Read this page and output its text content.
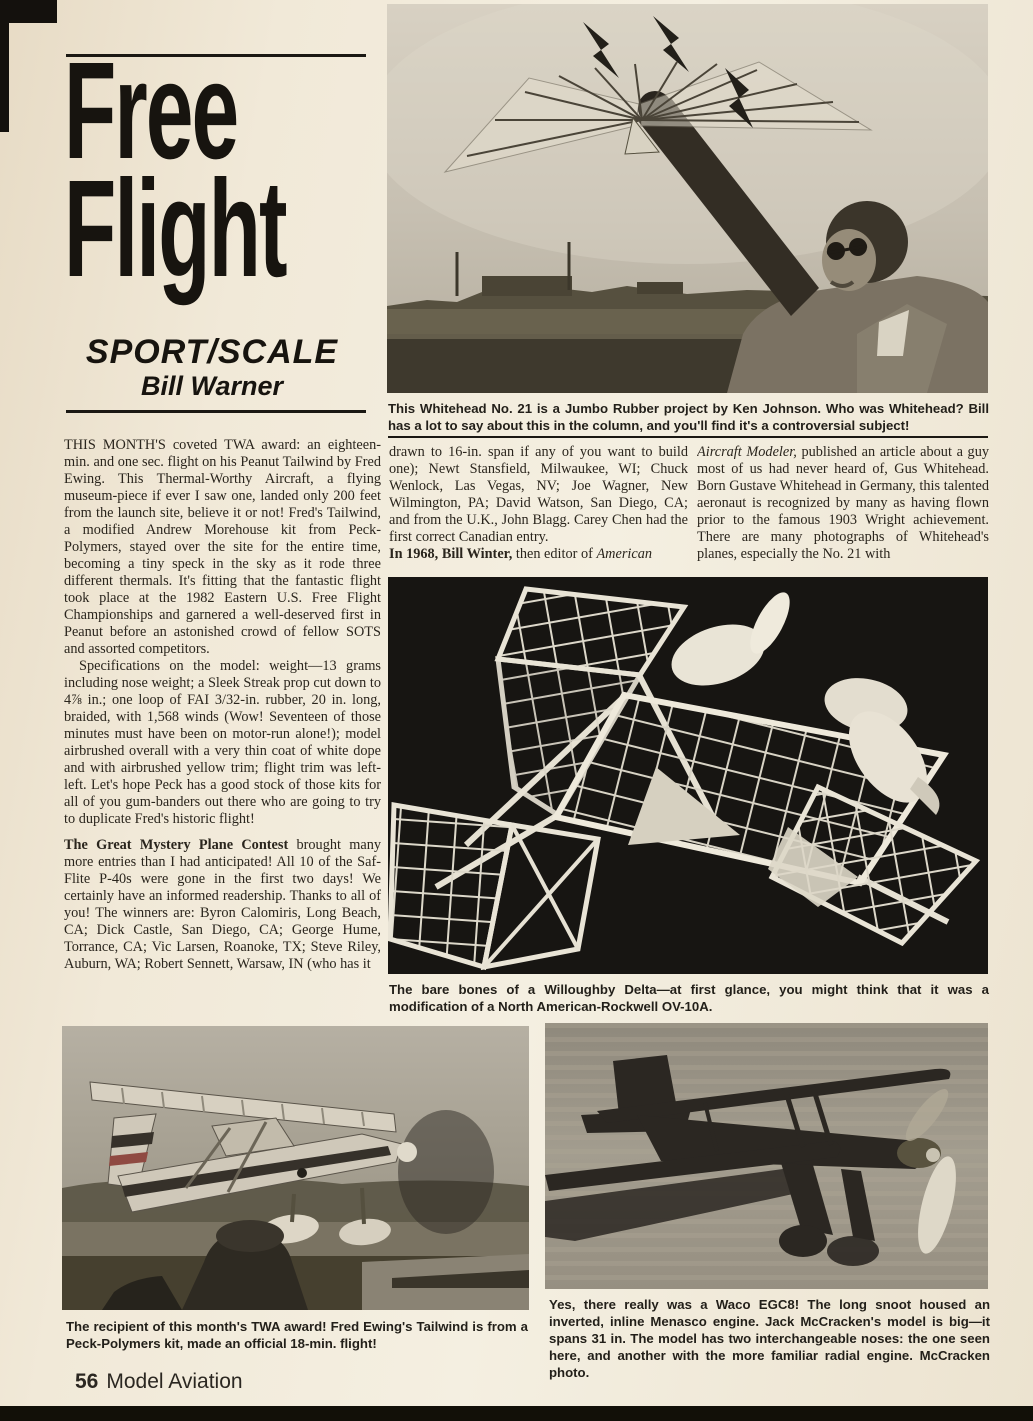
Free
Flight
SPORT/SCALE
Bill Warner
This Whitehead No. 21 is a Jumbo Rubber project by Ken Johnson. Who was Whitehead? Bill has a lot to say about this in the column, and you'll find it's a controversial subject!

THIS MONTH'S coveted TWA award: an eighteen-min. and one sec. flight on his Peanut Tailwind by Fred Ewing. This Thermal-Worthy Aircraft, a flying museum-piece if ever I saw one, landed only 200 feet from the launch site, believe it or not! Fred's Tailwind, a modified Andrew Morehouse kit from Peck-Polymers, stayed over the site for the entire time, becoming a tiny speck in the sky as it rode three different thermals. It's fitting that the fantastic flight took place at the 1982 Eastern U.S. Free Flight Championships and garnered a well-deserved first in Peanut before an astonished crowd of fellow SOTS and assorted competitors.

Specifications on the model: weight—13 grams including nose weight; a Sleek Streak prop cut down to 4⅞ in.; one loop of FAI 3/32-in. rubber, 20 in. long, braided, with 1,568 winds (Wow! Seventeen of those minutes must have been on motor-run alone!); model airbrushed overall with a very thin coat of white dope and with airbrushed yellow trim; flight trim was left-left. Let's hope Peck has a good stock of those kits for all of you gum-banders out there who are going to try to duplicate Fred's historic flight!

The Great Mystery Plane Contest brought many more entries than I had anticipated! All 10 of the Saf-Flite P-40s were gone in the first two days! We certainly have an informed readership. Thanks to all of you! The winners are: Byron Calomiris, Long Beach, CA; Dick Castle, San Diego, CA; George Hume, Torrance, CA; Vic Larsen, Roanoke, TX; Steve Riley, Auburn, WA; Robert Sennett, Warsaw, IN (who has it

drawn to 16-in. span if any of you want to build one); Newt Stansfield, Milwaukee, WI; Chuck Wenlock, Las Vegas, NV; Joe Wagner, New Wilmington, PA; David Watson, San Diego, CA; and from the U.K., John Blagg. Carey Chen had the first correct Canadian entry.

In 1968, Bill Winter, then editor of American

Aircraft Modeler, published an article about a guy most of us had never heard of, Gus Whitehead. Born Gustave Whitehead in Germany, this talented aeronaut is recognized by many as having flown prior to the famous 1903 Wright achievement. There are many photographs of Whitehead's planes, especially the No. 21 with

The bare bones of a Willoughby Delta—at first glance, you might think that it was a modification of a North American-Rockwell OV-10A.
The recipient of this month's TWA award! Fred Ewing's Tailwind is from a Peck-Polymers kit, made an official 18-min. flight!
Yes, there really was a Waco EGC8! The long snoot housed an inverted, inline Menasco engine. Jack McCracken's model is big—it spans 31 in. The model has two interchangeable noses: the one seen here, and another with the more familiar radial engine. McCracken photo.
56 Model Aviation
